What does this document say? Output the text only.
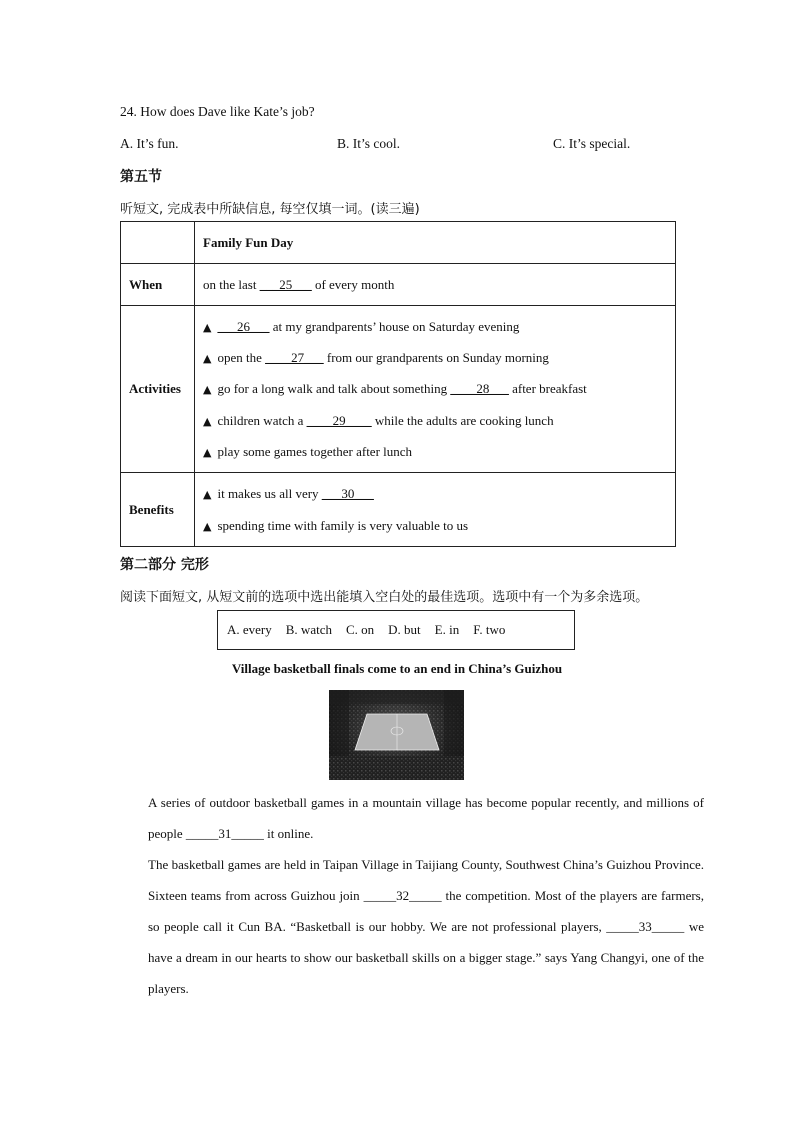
24. How does Dave like Kate’s job?
A. It’s fun.	B. It’s cool.	C. It’s special.
第五节
听短文, 完成表中所缺信息, 每空仅填一词。(读三遍)
	Family Fun Day
When	on the last ___25___ of every month
Activities	▲ ___26___ at my grandparents’ house on Saturday evening
▲ open the ____27___ from our grandparents on Sunday morning
▲ go for a long walk and talk about something ____28___ after breakfast
▲ children watch a ____29____ while the adults are cooking lunch
▲ play some games together after lunch

Benefits	▲ it makes us all very ___30___
▲ spending time with family is very valuable to us
第二部分 完形
阅读下面短文, 从短文前的选项中选出能填入空白处的最佳选项。选项中有一个为多余选项。
A. every B. watch C. on D. but E. in F. two
Village basketball finals come to an end in China’s Guizhou
A series of outdoor basketball games in a mountain village has become popular recently, and millions of people _____31_____ it online.
The basketball games are held in Taipan Village in Taijiang County, Southwest China’s Guizhou Province. Sixteen teams from across Guizhou join _____32_____ the competition. Most of the players are farmers, so people call it Cun BA. “Basketball is our hobby. We are not professional players, _____33_____ we have a dream in our hearts to show our basketball skills on a bigger stage.” says Yang Changyi, one of the players.
